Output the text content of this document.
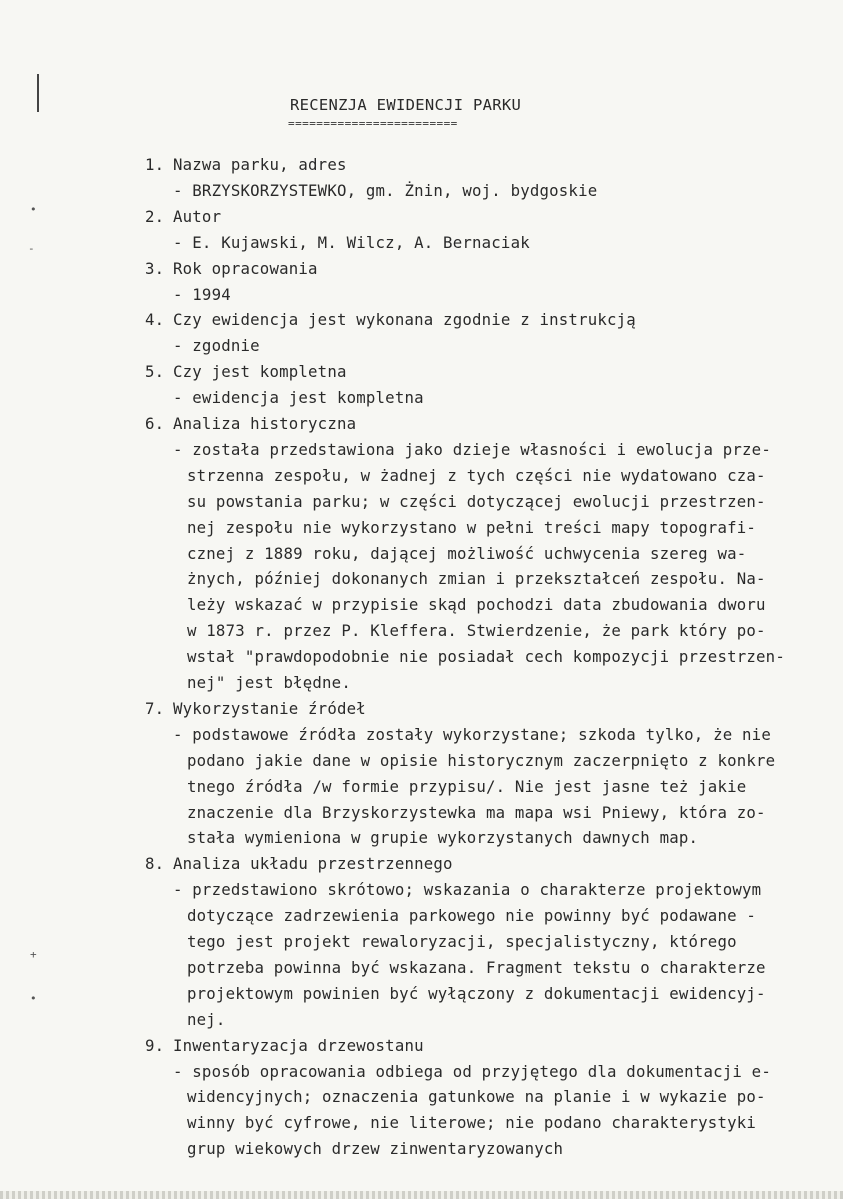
•
-
+
•
RECENZJA EWIDENCJI PARKU
========================
1. Nazwa parku, adres
- BRZYSKORZYSTEWKO, gm. Żnin, woj. bydgoskie
2. Autor
- E. Kujawski, M. Wilcz, A. Bernaciak
3. Rok opracowania
- 1994
4. Czy ewidencja jest wykonana zgodnie z instrukcją
- zgodnie
5. Czy jest kompletna
- ewidencja jest kompletna
6. Analiza historyczna
- została przedstawiona jako dzieje własności i ewolucja prze-
strzenna zespołu, w żadnej z tych części nie wydatowano cza-
su powstania parku; w części dotyczącej ewolucji przestrzen-
nej zespołu nie wykorzystano w pełni treści mapy topografi-
cznej z 1889 roku, dającej możliwość uchwycenia szereg wa-
żnych, później dokonanych zmian i przekształceń zespołu. Na-
leży wskazać w przypisie skąd pochodzi data zbudowania dworu
w 1873 r. przez P. Kleffera. Stwierdzenie, że park który po-
wstał "prawdopodobnie nie posiadał cech kompozycji przestrzen-
nej" jest błędne.
7. Wykorzystanie źródeł
- podstawowe źródła zostały wykorzystane; szkoda tylko, że nie
podano jakie dane w opisie historycznym zaczerpnięto z konkre
tnego źródła /w formie przypisu/. Nie jest jasne też jakie
znaczenie dla Brzyskorzystewka ma mapa wsi Pniewy, która zo-
stała wymieniona w grupie wykorzystanych dawnych map.
8. Analiza układu przestrzennego
- przedstawiono skrótowo; wskazania o charakterze projektowym
dotyczące zadrzewienia parkowego nie powinny być podawane -
tego jest projekt rewaloryzacji, specjalistyczny, którego
potrzeba powinna być wskazana. Fragment tekstu o charakterze
projektowym powinien być wyłączony z dokumentacji ewidencyj-
nej.
9. Inwentaryzacja drzewostanu
- sposób opracowania odbiega od przyjętego dla dokumentacji e-
widencyjnych; oznaczenia gatunkowe na planie i w wykazie po-
winny być cyfrowe, nie literowe; nie podano charakterystyki
grup wiekowych drzew zinwentaryzowanych
